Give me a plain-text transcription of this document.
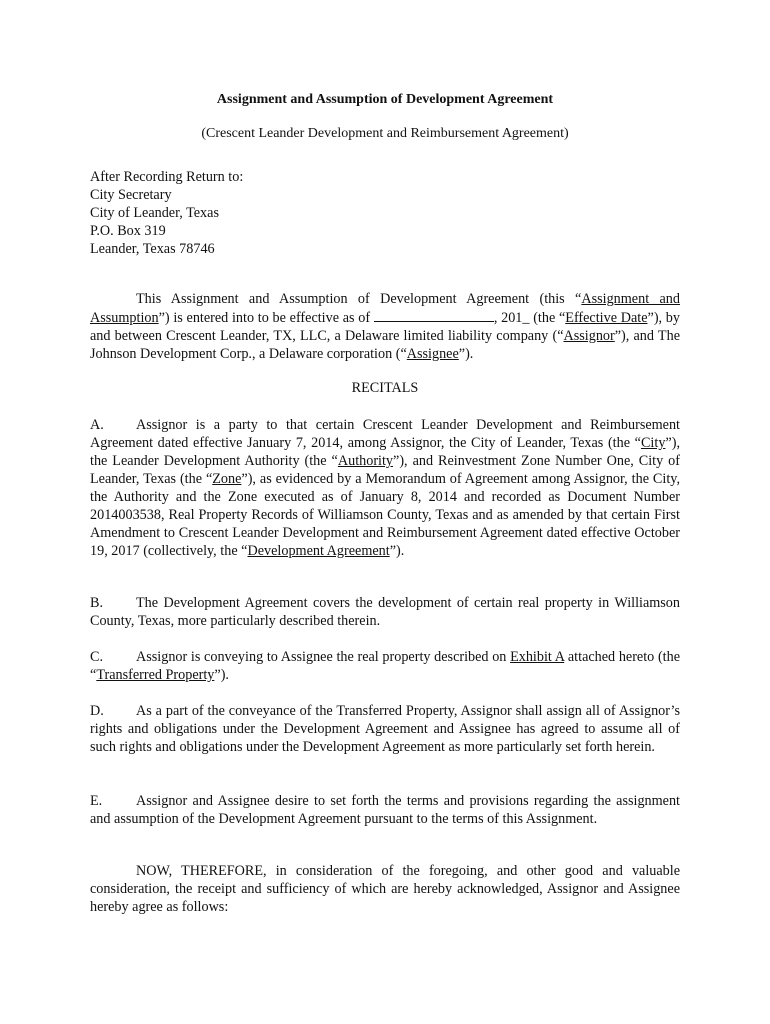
Assignment and Assumption of Development Agreement
(Crescent Leander Development and Reimbursement Agreement)
After Recording Return to:
City Secretary
City of Leander, Texas
P.O. Box 319
Leander, Texas 78746
This Assignment and Assumption of Development Agreement (this “Assignment and Assumption”) is entered into to be effective as of	, 201_ (the “Effective Date”), by and between Crescent Leander, TX, LLC, a Delaware limited liability company (“Assignor”), and The Johnson Development Corp., a Delaware corporation (“Assignee”).
RECITALS
A. Assignor is a party to that certain Crescent Leander Development and Reimbursement Agreement dated effective January 7, 2014, among Assignor, the City of Leander, Texas (the “City”), the Leander Development Authority (the “Authority”), and Reinvestment Zone Number One, City of Leander, Texas (the “Zone”), as evidenced by a Memorandum of Agreement among Assignor, the City, the Authority and the Zone executed as of January 8, 2014 and recorded as Document Number 2014003538, Real Property Records of Williamson County, Texas and as amended by that certain First Amendment to Crescent Leander Development and Reimbursement Agreement dated effective October 19, 2017 (collectively, the “Development Agreement”).
B. The Development Agreement covers the development of certain real property in Williamson County, Texas, more particularly described therein.
C. Assignor is conveying to Assignee the real property described on Exhibit A attached hereto (the “Transferred Property”).
D. As a part of the conveyance of the Transferred Property, Assignor shall assign all of Assignor’s rights and obligations under the Development Agreement and Assignee has agreed to assume all of such rights and obligations under the Development Agreement as more particularly set forth herein.
E. Assignor and Assignee desire to set forth the terms and provisions regarding the assignment and assumption of the Development Agreement pursuant to the terms of this Assignment.
NOW, THEREFORE, in consideration of the foregoing, and other good and valuable consideration, the receipt and sufficiency of which are hereby acknowledged, Assignor and Assignee hereby agree as follows:
